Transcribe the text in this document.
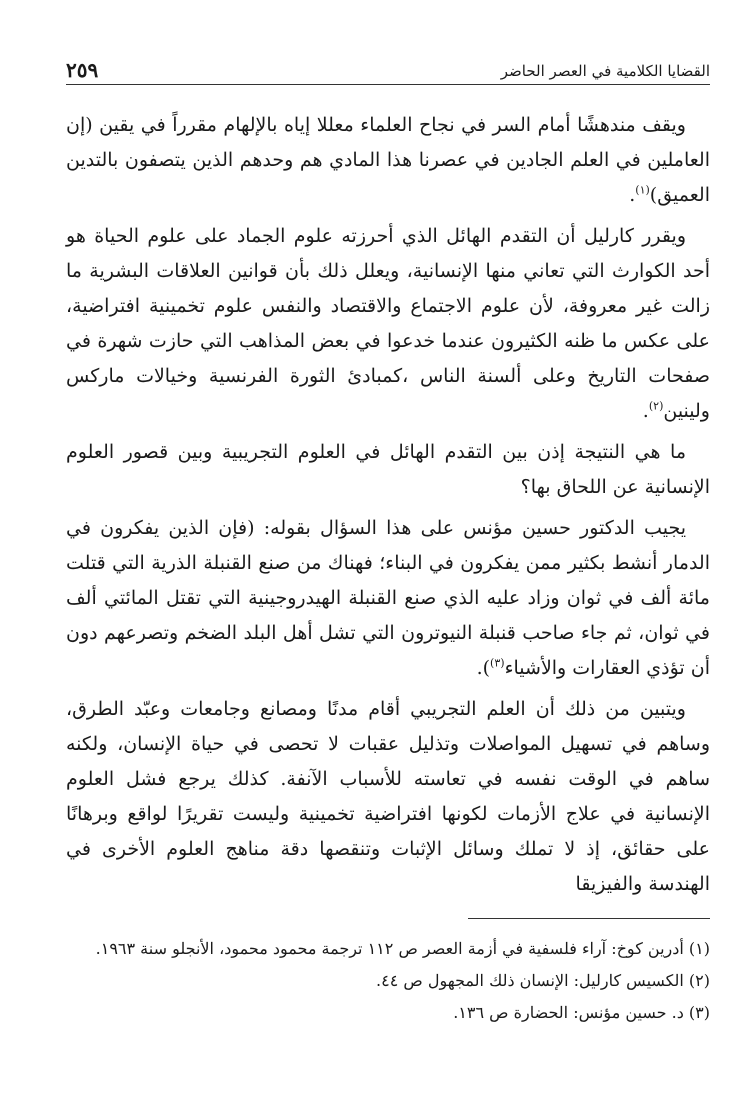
القضايا الكلامية في العصر الحاضر
٢٥٩

ويقف مندهشًا أمام السر في نجاح العلماء معللا إياه بالإلهام مقرراً في يقين (إن العاملين في العلم الجادين في عصرنا هذا المادي هم وحدهم الذين يتصفون بالتدين العميق)$^{(١)}$.

ويقرر كارليل أن التقدم الهائل الذي أحرزته علوم الجماد على علوم الحياة هو أحد الكوارث التي تعاني منها الإنسانية، ويعلل ذلك بأن قوانين العلاقات البشرية ما زالت غير معروفة، لأن علوم الاجتماع والاقتصاد والنفس علوم تخمينية افتراضية، على عكس ما ظنه الكثيرون عندما خدعوا في بعض المذاهب التي حازت شهرة في صفحات التاريخ وعلى ألسنة الناس ،كمبادئ الثورة الفرنسية وخيالات ماركس ولينين$^{(٢)}$.

ما هي النتيجة إذن بين التقدم الهائل في العلوم التجريبية وبين قصور العلوم الإنسانية عن اللحاق بها؟

يجيب الدكتور حسين مؤنس على هذا السؤال بقوله: (فإن الذين يفكرون في الدمار أنشط بكثير ممن يفكرون في البناء؛ فهناك من صنع القنبلة الذرية التي قتلت مائة ألف في ثوان وزاد عليه الذي صنع القنبلة الهيدروجينية التي تقتل المائتي ألف في ثوان، ثم جاء صاحب قنبلة النيوترون التي تشل أهل البلد الضخم وتصرعهم دون أن تؤذي العقارات والأشياء$^{(٣)}$).

ويتبين من ذلك أن العلم التجريبي أقام مدنًا ومصانع وجامعات وعبّد الطرق، وساهم في تسهيل المواصلات وتذليل عقبات لا تحصى في حياة الإنسان، ولكنه ساهم في الوقت نفسه في تعاسته للأسباب الآنفة. كذلك يرجع فشل العلوم الإنسانية في علاج الأزمات لكونها افتراضية تخمينية وليست تقريرًا لواقع وبرهانًا على حقائق، إذ لا تملك وسائل الإثبات وتنقصها دقة مناهج العلوم الأخرى في الهندسة والفيزيقا

(١) أدرين كوخ: آراء فلسفية في أزمة العصر ص ١١٢ ترجمة محمود محمود، الأنجلو سنة ١٩٦٣.
(٢) الكسيس كارليل: الإنسان ذلك المجهول ص ٤٤.
(٣) د. حسين مؤنس: الحضارة ص ١٣٦.
